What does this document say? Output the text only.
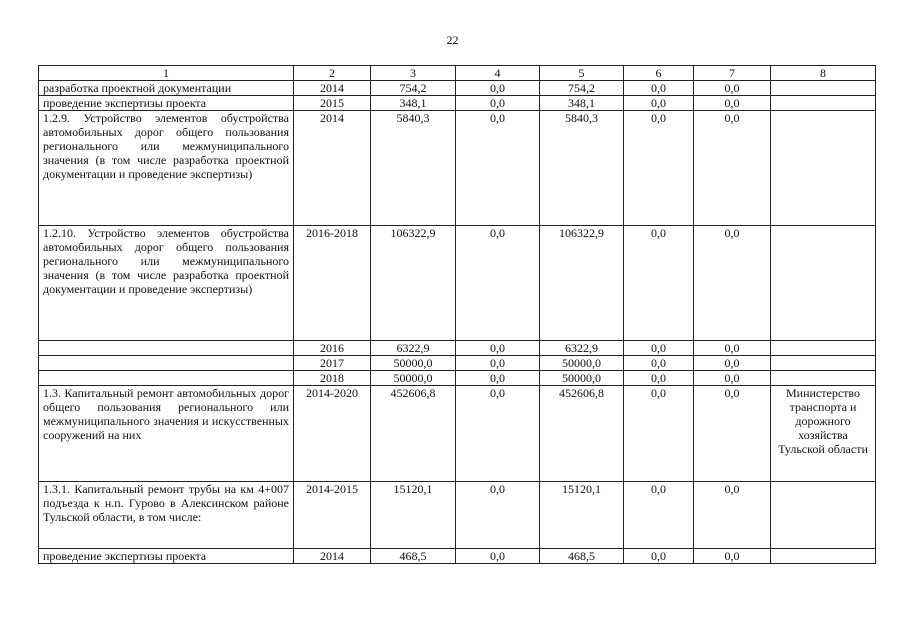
22
1	2	3	4	5	6	7	8
разработка проектной документации	2014	754,2	0,0	754,2	0,0	0,0	
проведение экспертизы проекта	2015	348,1	0,0	348,1	0,0	0,0	
1.2.9. Устройство элементов обустройства автомобильных дорог общего пользования регионального или межмуниципального значения (в том числе разработка проектной документации и проведение экспертизы)	2014	5840,3	0,0	5840,3	0,0	0,0	
1.2.10. Устройство элементов обустройства автомобильных дорог общего пользования регионального или межмуниципального значения (в том числе разработка проектной документации и проведение экспертизы)	2016-2018	106322,9	0,0	106322,9	0,0	0,0	
	2016	6322,9	0,0	6322,9	0,0	0,0	
	2017	50000,0	0,0	50000,0	0,0	0,0	
	2018	50000,0	0,0	50000,0	0,0	0,0	
1.3. Капитальный ремонт автомобильных дорог общего пользования регионального или межмуниципального значения и искусственных сооружений на них	2014-2020	452606,8	0,0	452606,8	0,0	0,0	Министерство транспорта и дорожного хозяйства Тульской области
1.3.1. Капитальный ремонт трубы на км 4+007 подъезда к н.п. Гурово в Алексинском районе Тульской области, в том числе:	2014-2015	15120,1	0,0	15120,1	0,0	0,0	
проведение экспертизы проекта	2014	468,5	0,0	468,5	0,0	0,0	
